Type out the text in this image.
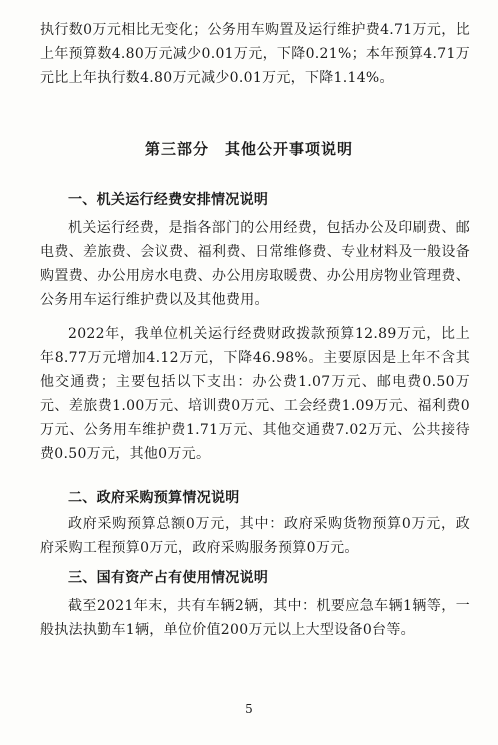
执行数0万元相比无变化；公务用车购置及运行维护费4.71万元，比上年预算数4.80万元减少0.01万元，下降0.21%；本年预算4.71万元比上年执行数4.80万元减少0.01万元，下降1.14%。

第三部分　其他公开事项说明

一、机关运行经费安排情况说明

机关运行经费，是指各部门的公用经费，包括办公及印刷费、邮电费、差旅费、会议费、福利费、日常维修费、专业材料及一般设备购置费、办公用房水电费、办公用房取暖费、办公用房物业管理费、公务用车运行维护费以及其他费用。

2022年，我单位机关运行经费财政拨款预算12.89万元，比上年8.77万元增加4.12万元，下降46.98%。主要原因是上年不含其他交通费；主要包括以下支出：办公费1.07万元、邮电费0.50万元、差旅费1.00万元、培训费0万元、工会经费1.09万元、福利费0万元、公务用车维护费1.71万元、其他交通费7.02万元、公共接待费0.50万元，其他0万元。

二、政府采购预算情况说明

政府采购预算总额0万元，其中：政府采购货物预算0万元，政府采购工程预算0万元，政府采购服务预算0万元。

三、国有资产占有使用情况说明

截至2021年末，共有车辆2辆，其中：机要应急车辆1辆等，一般执法执勤车1辆，单位价值200万元以上大型设备0台等。

5
